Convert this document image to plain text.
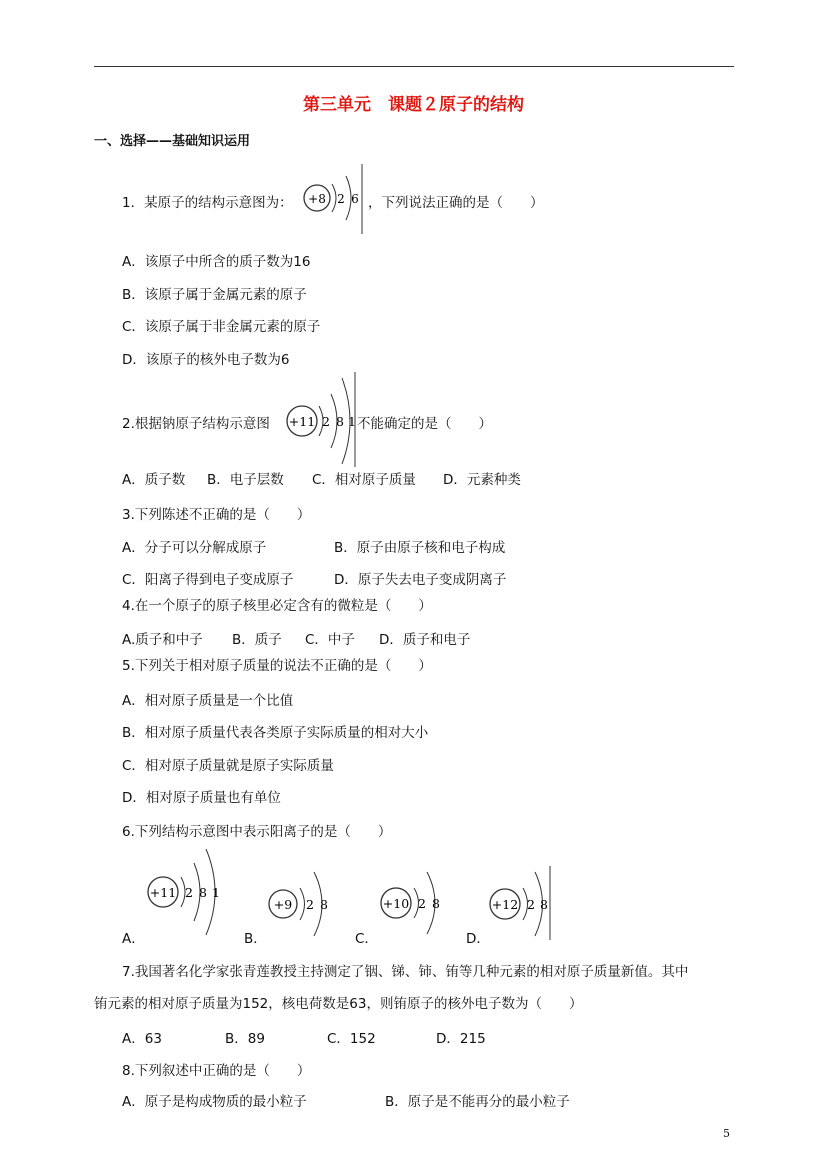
第三单元　课题２原子的结构
一、选择——基础知识运用
1．某原子的结构示意图为： +8 2 6 ，下列说法正确的是（　　）
A．该原子中所含的质子数为16
B．该原子属于金属元素的原子
C．该原子属于非金属元素的原子
D．该原子的核外电子数为6
2.根据钠原子结构示意图 +11 2 8 1 不能确定的是（　　）
A．质子数 B．电子层数 C．相对原子质量 D．元素种类
3.下列陈述不正确的是（　　）
A．分子可以分解成原子	B．原子由原子核和电子构成
C．阳离子得到电子变成原子	D．原子失去电子变成阴离子
4.在一个原子的原子核里必定含有的微粒是（　　）
A.质子和中子 B．质子 C．中子 D．质子和电子
5.下列关于相对原子质量的说法不正确的是（　　）
A．相对原子质量是一个比值
B．相对原子质量代表各类原子实际质量的相对大小
C．相对原子质量就是原子实际质量
D．相对原子质量也有单位
6.下列结构示意图中表示阳离子的是（　　）
A．
+11 2 8 1
B．
+9 2 8
C．
+10 2 8
D．
+12 2 8
7.我国著名化学家张青莲教授主持测定了铟、锑、铈、铕等几种元素的相对原子质量新值。其中
铕元素的相对原子质量为152，核电荷数是63，则铕原子的核外电子数为（　　）
A．63	B．89	C．152	D．215
8.下列叙述中正确的是（　　）
A．原子是构成物质的最小粒子	B．原子是不能再分的最小粒子
5
